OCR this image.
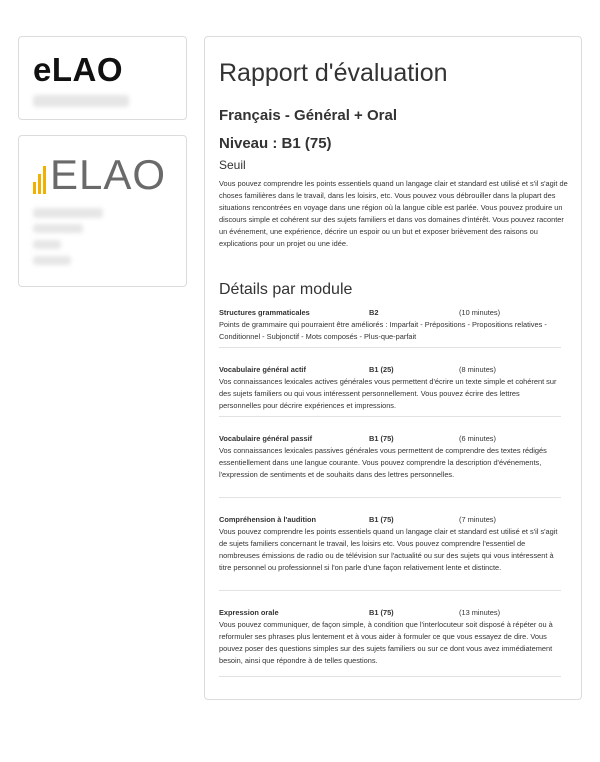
eLAO
ELAO
Rapport d'évaluation
Français - Général + Oral
Niveau : B1 (75)
Seuil
Vous pouvez comprendre les points essentiels quand un langage clair et standard est utilisé et s'il s'agit de choses familières dans le travail, dans les loisirs, etc. Vous pouvez vous débrouiller dans la plupart des situations rencontrées en voyage dans une région où la langue cible est parlée. Vous pouvez produire un discours simple et cohérent sur des sujets familiers et dans vos domaines d'intérêt. Vous pouvez raconter un événement, une expérience, décrire un espoir ou un but et exposer brièvement des raisons ou explications pour un projet ou une idée.
Détails par module
Structures grammaticales	B2	(10 minutes)
Points de grammaire qui pourraient être améliorés : Imparfait - Prépositions - Propositions relatives - Conditionnel - Subjonctif - Mots composés - Plus-que-parfait
Vocabulaire général actif	B1 (25)	(8 minutes)
Vos connaissances lexicales actives générales vous permettent d'écrire un texte simple et cohérent sur des sujets familiers ou qui vous intéressent personnellement. Vous pouvez écrire des lettres personnelles pour décrire expériences et impressions.
Vocabulaire général passif	B1 (75)	(6 minutes)
Vos connaissances lexicales passives générales vous permettent de comprendre des textes rédigés essentiellement dans une langue courante. Vous pouvez comprendre la description d'événements, l'expression de sentiments et de souhaits dans des lettres personnelles.
Compréhension à l'audition	B1 (75)	(7 minutes)
Vous pouvez comprendre les points essentiels quand un langage clair et standard est utilisé et s'il s'agit de sujets familiers concernant le travail, les loisirs etc. Vous pouvez comprendre l'essentiel de nombreuses émissions de radio ou de télévision sur l'actualité ou sur des sujets qui vous intéressent à titre personnel ou professionnel si l'on parle d'une façon relativement lente et distincte.
Expression orale	B1 (75)	(13 minutes)
Vous pouvez communiquer, de façon simple, à condition que l'interlocuteur soit disposé à répéter ou à reformuler ses phrases plus lentement et à vous aider à formuler ce que vous essayez de dire. Vous pouvez poser des questions simples sur des sujets familiers ou sur ce dont vous avez immédiatement besoin, ainsi que répondre à de telles questions.
